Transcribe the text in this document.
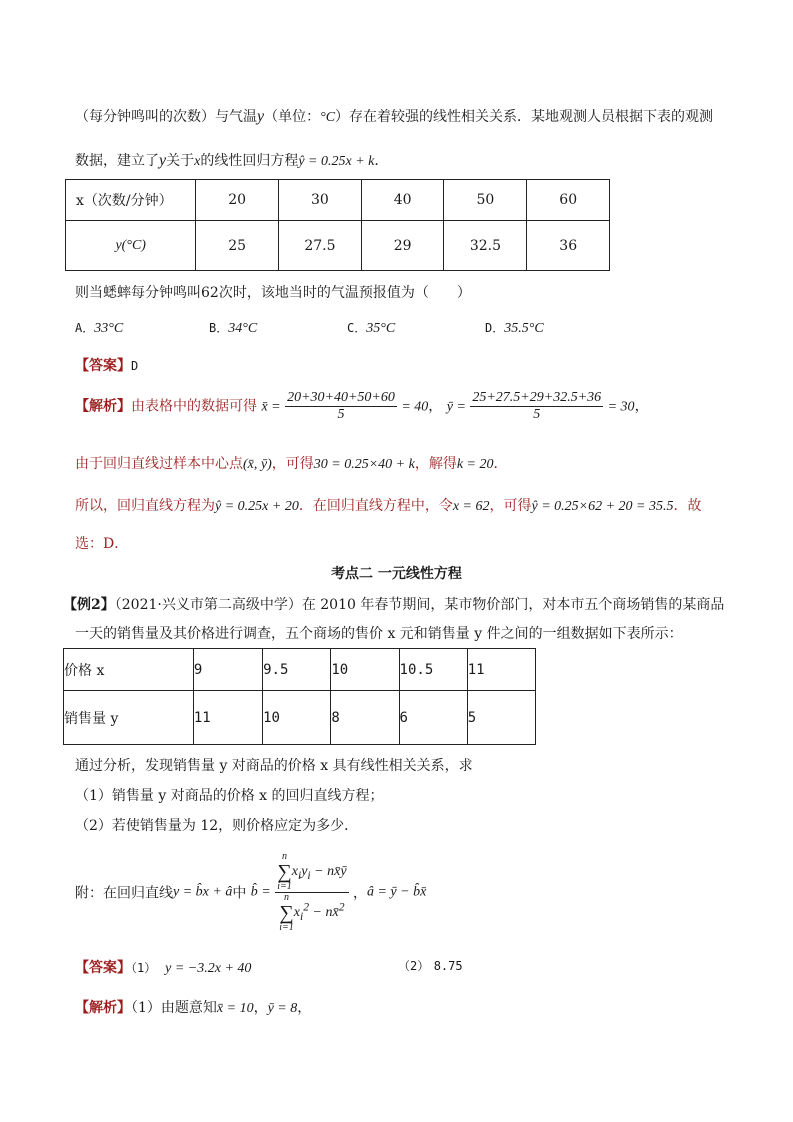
（每分钟鸣叫的次数）与气温y（单位：°C）存在着较强的线性相关关系．某地观测人员根据下表的观测
数据，建立了y关于x的线性回归方程ŷ = 0.25x + k．
x（次数/分钟）	20	30	40	50	60
y(°C)	25	27.5	29	32.5	36
则当蟋蟀每分钟鸣叫62次时，该地当时的气温预报值为（　　）
A．33°C	B．34°C	C．35°C	D．35.5°C
【答案】D
【解析】由表格中的数据可得 x̄ = $\frac{20+30+40+50+60}{5} = 40$， ȳ = $\frac{25+27.5+29+32.5+36}{5} = 30$，
由于回归直线过样本中心点(x̄, ȳ)，可得30 = 0.25×40 + k，解得k = 20．
所以，回归直线方程为ŷ = 0.25x + 20．在回归直线方程中，令x = 62，可得ŷ = 0.25×62 + 20 = 35.5．故
选：D．
考点二 一元线性方程
【例2】（2021·兴义市第二高级中学）在 2010 年春节期间，某市物价部门，对本市五个商场销售的某商品
一天的销售量及其价格进行调查，五个商场的售价 x 元和销售量 y 件之间的一组数据如下表所示：
价格 x	9	9.5	10	10.5	11
销售量 y	11	10	8	6	5
通过分析，发现销售量 y 对商品的价格 x 具有线性相关关系，求
（1）销售量 y 对商品的价格 x 的回归直线方程；
（2）若使销售量为 12，则价格应定为多少．
附：在回归直线y = b̂x + â中 b̂ =
n
∑
$i=1x_iy_i$ − nx̄ȳ
n
∑
$i=1x_i^2$ − nx̄$^2$
，â = ȳ − b̂x̄
【答案】（1） y = −3.2x + 40	（2） 8.75
【解析】（1）由题意知x̄ = 10，ȳ = 8，
